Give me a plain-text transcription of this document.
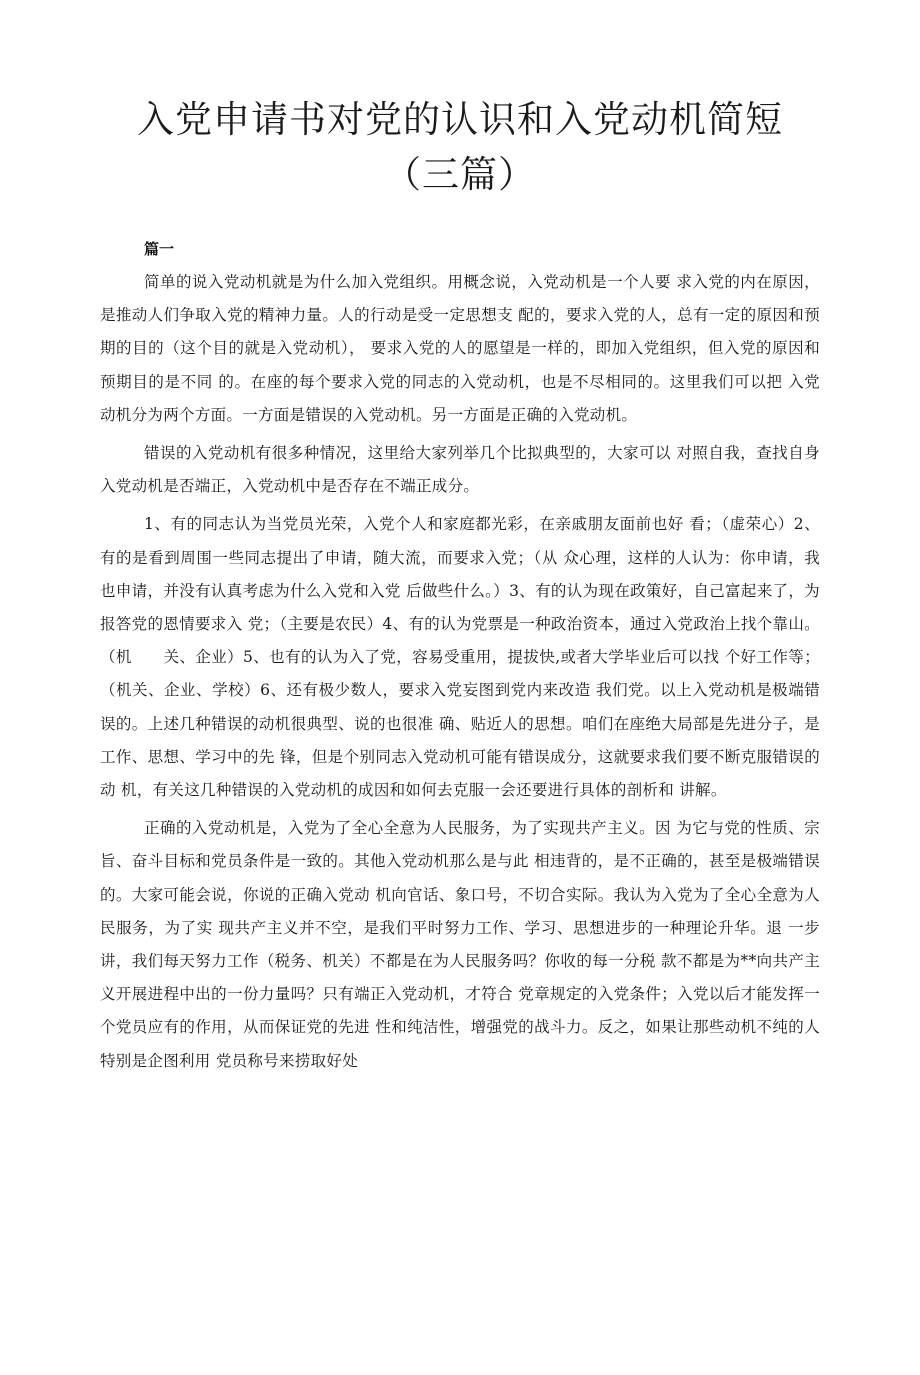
入党申请书对党的认识和入党动机简短（三篇）
篇一

简单的说入党动机就是为什么加入党组织。用概念说，入党动机是一个人要 求入党的内在原因，是推动人们争取入党的精神力量。人的行动是受一定思想支 配的，要求入党的人，总有一定的原因和预期的目的（这个目的就是入党动机）， 要求入党的人的愿望是一样的，即加入党组织，但入党的原因和预期目的是不同 的。在座的每个要求入党的同志的入党动机，也是不尽相同的。这里我们可以把 入党动机分为两个方面。一方面是错误的入党动机。另一方面是正确的入党动机。

错误的入党动机有很多种情况，这里给大家列举几个比拟典型的，大家可以 对照自我，查找自身入党动机是否端正，入党动机中是否存在不端正成分。

1、有的同志认为当党员光荣，入党个人和家庭都光彩，在亲戚朋友面前也好 看；（虚荣心）2、有的是看到周围一些同志提出了申请，随大流，而要求入党；（从 众心理，这样的人认为：你申请，我也申请，并没有认真考虑为什么入党和入党 后做些什么。）3、有的认为现在政策好，自己富起来了，为报答党的恩情要求入 党；（主要是农民）4、有的认为党票是一种政治资本，通过入党政治上找个靠山。（机　　关、企业）5、也有的认为入了党，容易受重用，提拔快,或者大学毕业后可以找 个好工作等；（机关、企业、学校）6、还有极少数人，要求入党妄图到党内来改造 我们党。以上入党动机是极端错误的。上述几种错误的动机很典型、说的也很准 确、贴近人的思想。咱们在座绝大局部是先进分子，是工作、思想、学习中的先 锋，但是个别同志入党动机可能有错误成分，这就要求我们要不断克服错误的动 机，有关这几种错误的入党动机的成因和如何去克服一会还要进行具体的剖析和 讲解。

正确的入党动机是，入党为了全心全意为人民服务，为了实现共产主义。因 为它与党的性质、宗旨、奋斗目标和党员条件是一致的。其他入党动机那么是与此 相违背的，是不正确的，甚至是极端错误的。大家可能会说，你说的正确入党动 机向官话、象口号，不切合实际。我认为入党为了全心全意为人民服务，为了实 现共产主义并不空，是我们平时努力工作、学习、思想进步的一种理论升华。退 一步讲，我们每天努力工作（税务、机关）不都是在为人民服务吗？你收的每一分税 款不都是为**向共产主义开展进程中出的一份力量吗？只有端正入党动机，才符合 党章规定的入党条件；入党以后才能发挥一个党员应有的作用，从而保证党的先进 性和纯洁性，增强党的战斗力。反之，如果让那些动机不纯的人特别是企图利用 党员称号来捞取好处
